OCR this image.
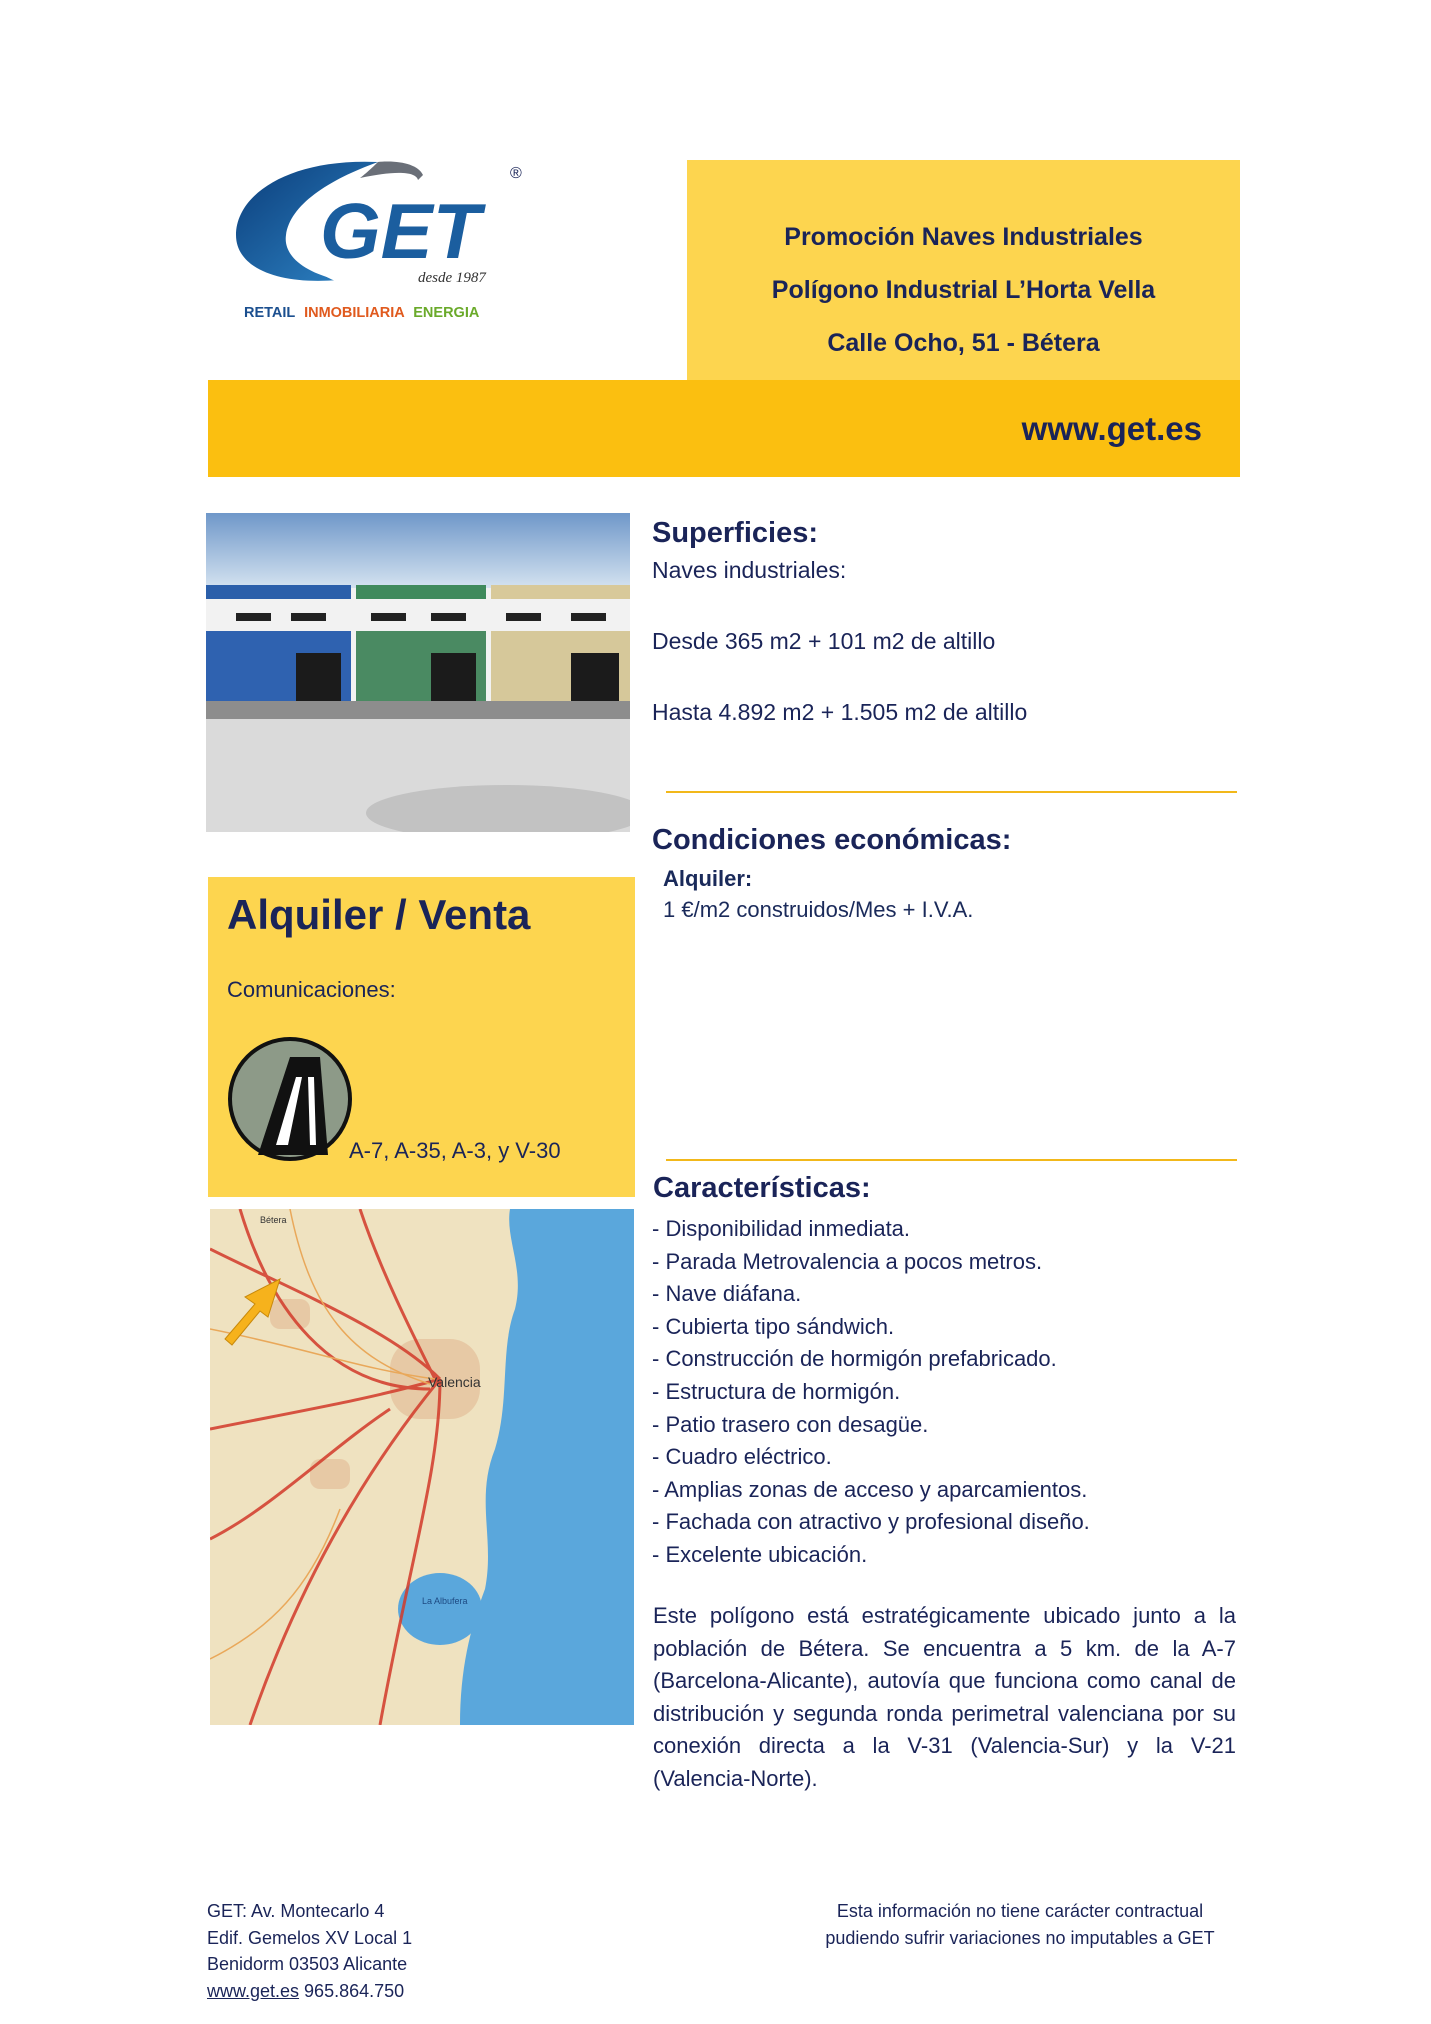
GET
®
desde 1987
RETAIL INMOBILIARIA ENERGIA
Promoción Naves Industriales
Polígono Industrial L’Horta Vella
Calle Ocho, 51 - Bétera
www.get.es
Superficies:
Naves industriales:
Desde 365 m2 + 101 m2 de altillo
Hasta 4.892 m2 + 1.505 m2 de altillo
Condiciones económicas:
Alquiler:
1 €/m2 construidos/Mes + I.V.A.
Alquiler / Venta
Comunicaciones:
A-7, A-35, A-3, y V-30
Características:
- Disponibilidad inmediata.
- Parada Metrovalencia a pocos metros.
- Nave diáfana.
- Cubierta tipo sándwich.
- Construcción de hormigón prefabricado.
- Estructura de hormigón.
- Patio trasero con desagüe.
- Cuadro eléctrico.
- Amplias zonas de acceso y aparcamientos.
- Fachada con atractivo y profesional diseño.
- Excelente ubicación.
Este polígono está estratégicamente ubicado junto a la población de Bétera. Se encuentra a 5 km. de la A-7 (Barcelona-Alicante), autovía que funciona como canal de distribución y segunda ronda perimetral valenciana por su conexión directa a la V-31 (Valencia-Sur) y la V-21 (Valencia-Norte).
Bétera
Valencia
La Albufera
GET: Av. Montecarlo 4
Edif. Gemelos XV Local 1
Benidorm 03503 Alicante
www.get.es 965.864.750
Esta información no tiene carácter contractual
pudiendo sufrir variaciones no imputables a GET
